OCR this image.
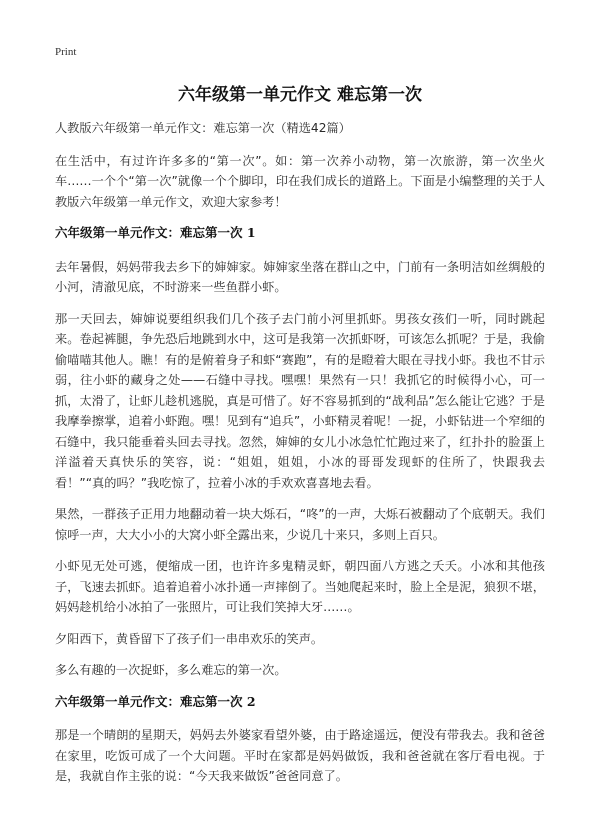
Print
六年级第一单元作文 难忘第一次

人教版六年级第一单元作文：难忘第一次（精选42篇）

在生活中，有过许许多多的“第一次”。如：第一次养小动物，第一次旅游，第一次坐火车……一个个“第一次”就像一个个脚印，印在我们成长的道路上。下面是小编整理的关于人教版六年级第一单元作文，欢迎大家参考！

六年级第一单元作文：难忘第一次 1

去年暑假，妈妈带我去乡下的婶婶家。婶婶家坐落在群山之中，门前有一条明洁如丝绸般的小河，清澈见底，不时游来一些鱼群小虾。

那一天回去，婶婶说要组织我们几个孩子去门前小河里抓虾。男孩女孩们一听，同时跳起来。卷起裤腿，争先恐后地跳到水中，这可是我第一次抓虾呀，可该怎么抓呢？于是，我偷偷喵喵其他人。瞧！有的是俯着身子和虾“赛跑”，有的是瞪着大眼在寻找小虾。我也不甘示弱，往小虾的藏身之处——石缝中寻找。嘿嘿！果然有一只！我抓它的时候得小心，可一抓，太滑了，让虾儿趁机逃脱，真是可惜了。好不容易抓到的“战利品”怎么能让它逃？于是我摩拳擦掌，追着小虾跑。嘿！见到有“追兵”，小虾精灵着呢！一捉，小虾钻进一个窄细的石缝中，我只能垂着头回去寻找。忽然，婶婶的女儿小冰急忙忙跑过来了，红扑扑的脸蛋上洋溢着天真快乐的笑容，说：“姐姐，姐姐，小冰的哥哥发现虾的住所了，快跟我去看！”“真的吗？”我吃惊了，拉着小冰的手欢欢喜喜地去看。

果然，一群孩子正用力地翻动着一块大烁石，“咚”的一声，大烁石被翻动了个底朝天。我们惊呼一声，大大小小的大窝小虾全露出来，少说几十来只，多则上百只。

小虾见无处可逃，便缩成一团，也许许多鬼精灵虾，朝四面八方逃之夭夭。小冰和其他孩子，飞速去抓虾。追着追着小冰扑通一声摔倒了。当她爬起来时，脸上全是泥，狼狈不堪，妈妈趁机给小冰拍了一张照片，可让我们笑掉大牙……。

夕阳西下，黄昏留下了孩子们一串串欢乐的笑声。

多么有趣的一次捉虾，多么难忘的第一次。

六年级第一单元作文：难忘第一次 2

那是一个晴朗的星期天，妈妈去外婆家看望外婆，由于路途遥远，便没有带我去。我和爸爸在家里，吃饭可成了一个大问题。平时在家都是妈妈做饭，我和爸爸就在客厅看电视。于是，我就自作主张的说：“今天我来做饭”爸爸同意了。
